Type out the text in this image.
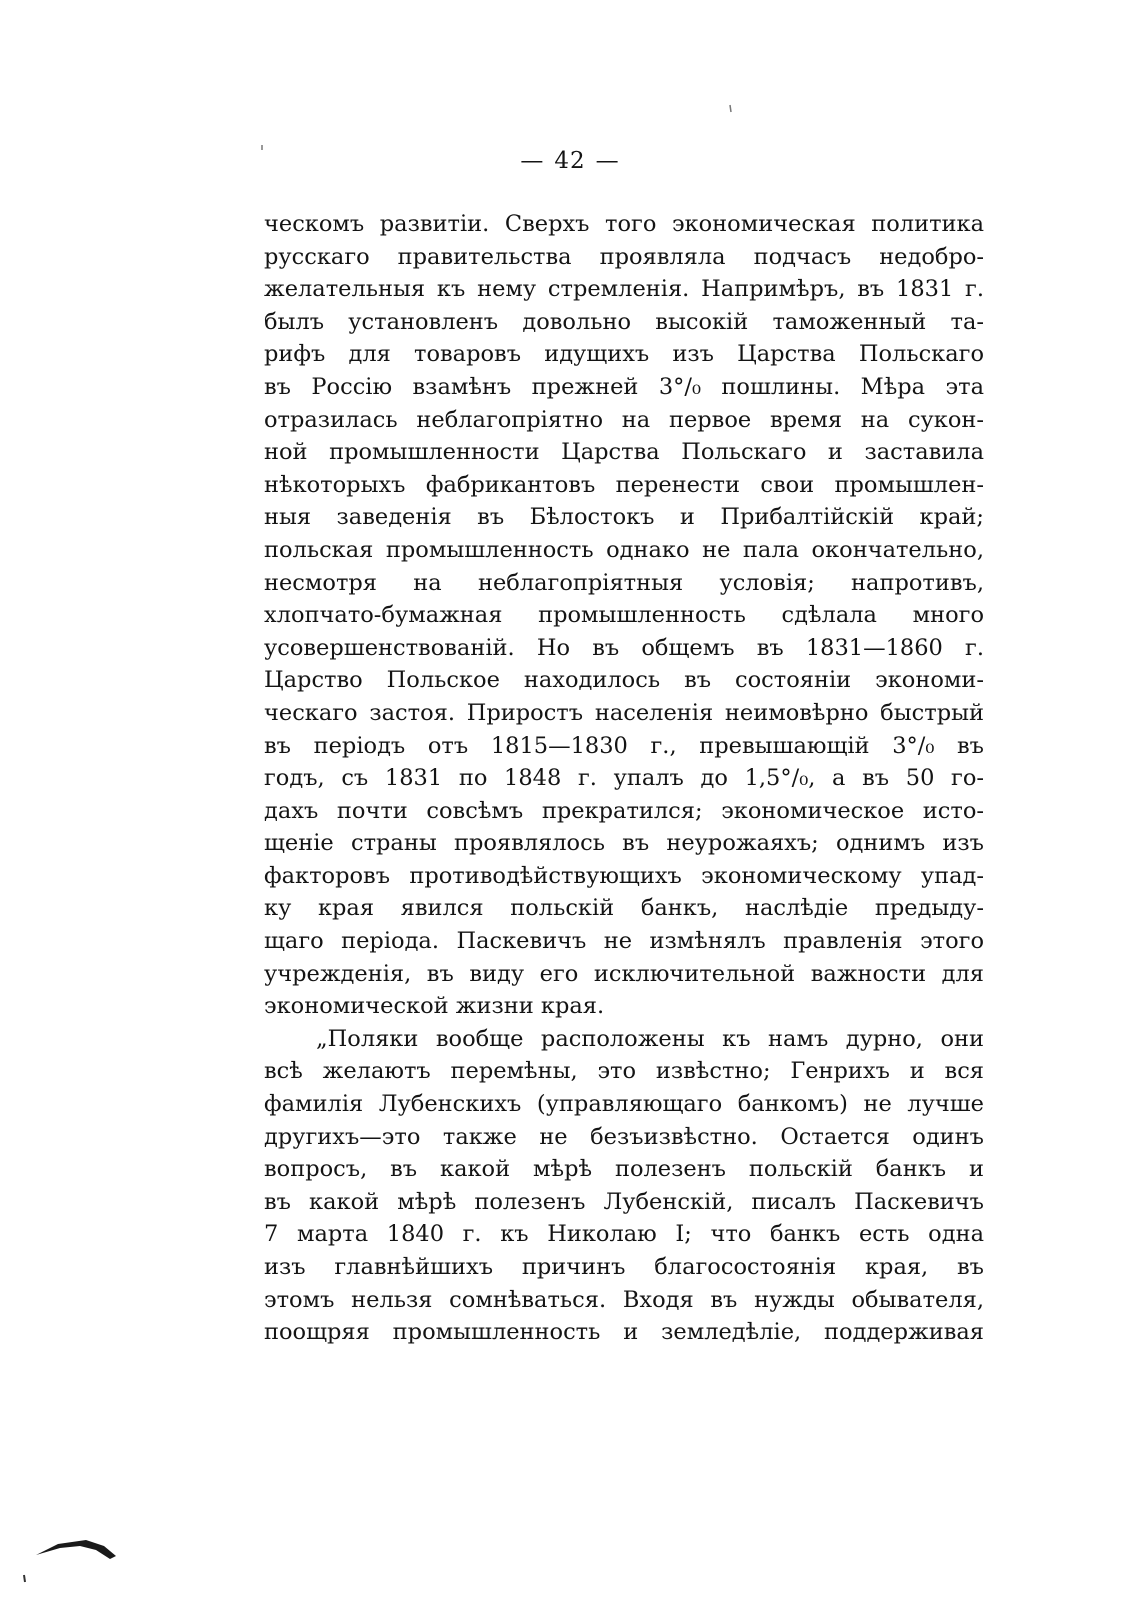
— 42 —
ческомъ развитіи. Сверхъ того экономическая политика
русскаго правительства проявляла подчасъ недобро-
желательныя къ нему стремленія. Напримѣръ, въ 1831 г.
былъ установленъ довольно высокій таможенный та-
рифъ для товаровъ идущихъ изъ Царства Польскаго
въ Россію взамѣнъ прежней 3°/₀ пошлины. Мѣра эта
отразилась неблагопріятно на первое время на сукон-
ной промышленности Царства Польскаго и заставила
нѣкоторыхъ фабрикантовъ перенести свои промышлен-
ныя заведенія въ Бѣлостокъ и Прибалтійскій край;
польская промышленность однако не пала окончательно,
несмотря на неблагопріятныя условія; напротивъ,
хлопчато-бумажная промышленность сдѣлала много
усовершенствованій. Но въ общемъ въ 1831—1860 г.
Царство Польское находилось въ состояніи экономи-
ческаго застоя. Приростъ населенія неимовѣрно быстрый
въ періодъ отъ 1815—1830 г., превышающій 3°/₀ въ
годъ, съ 1831 по 1848 г. упалъ до 1,5°/₀, а въ 50 го-
дахъ почти совсѣмъ прекратился; экономическое исто-
щеніе страны проявлялось въ неурожаяхъ; однимъ изъ
факторовъ противодѣйствующихъ экономическому упад-
ку края явился польскій банкъ, наслѣдіе предыду-
щаго періода. Паскевичъ не измѣнялъ правленія этого
учрежденія, въ виду его исключительной важности для
экономической жизни края.
„Поляки вообще расположены къ намъ дурно, они
всѣ желаютъ перемѣны, это извѣстно; Генрихъ и вся
фамилія Лубенскихъ (управляющаго банкомъ) не лучше
другихъ—это также не безъизвѣстно. Остается одинъ
вопросъ, въ какой мѣрѣ полезенъ польскій банкъ и
въ какой мѣрѣ полезенъ Лубенскій, писалъ Паскевичъ
7 марта 1840 г. къ Николаю I; что банкъ есть одна
изъ главнѣйшихъ причинъ благосостоянія края, въ
этомъ нельзя сомнѣваться. Входя въ нужды обывателя,
поощряя промышленность и земледѣліе, поддерживая
